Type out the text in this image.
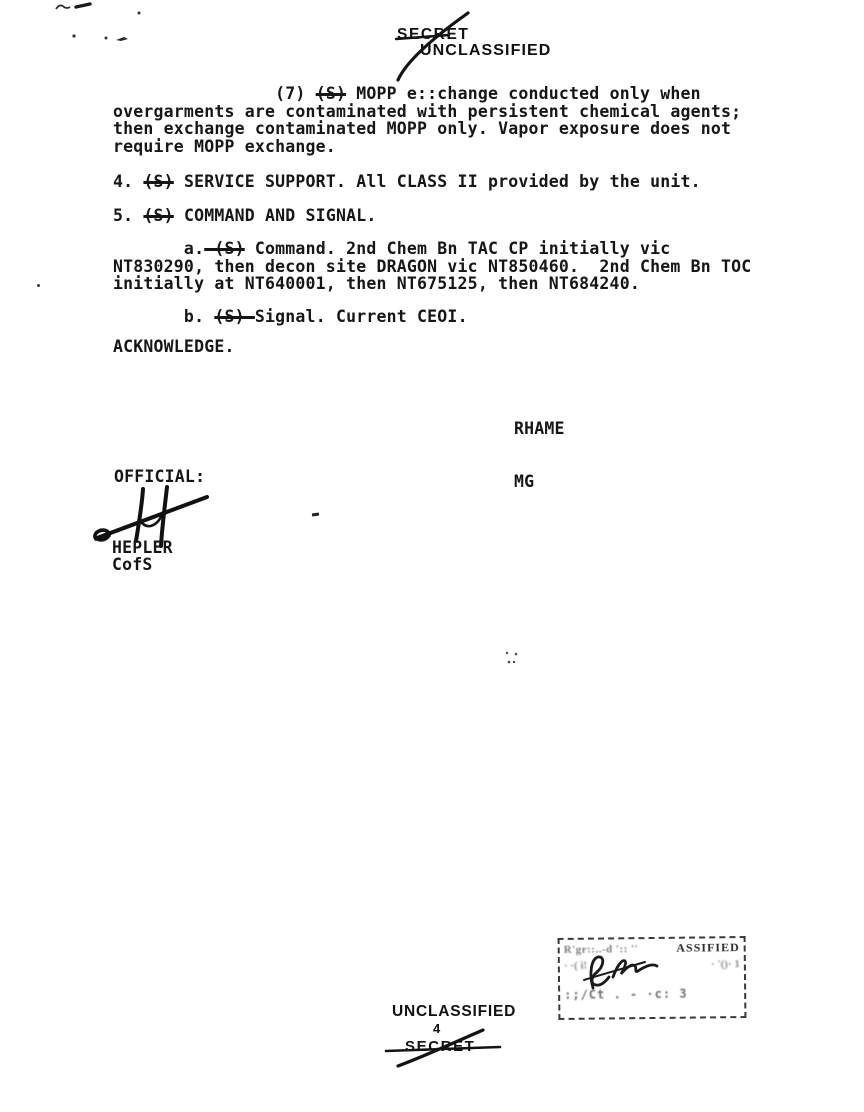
SECRET
UNCLASSIFIED

(7) (S) MOPP e::change conducted only when
overgarments are contaminated with persistent chemical agents;
then exchange contaminated MOPP only. Vapor exposure does not
require MOPP exchange.

4. (S) SERVICE SUPPORT. All CLASS II provided by the unit.

5. (S) COMMAND AND SIGNAL.

a. (S) Command. 2nd Chem Bn TAC CP initially vic
NT830290, then decon site DRAGON vic NT850460.  2nd Chem Bn TOC
initially at NT640001, then NT675125, then NT684240.

b. (S) Signal. Current CEOI.

ACKNOWLEDGE.

RHAME

MG

OFFICIAL:
HEPLER
CofS
R'gr::..-d ':: ''	ASSIFIED
· ·( i!	· '()· 1
:;/Ct . - ·c: 3
UNCLASSIFIED
4
SECRET
